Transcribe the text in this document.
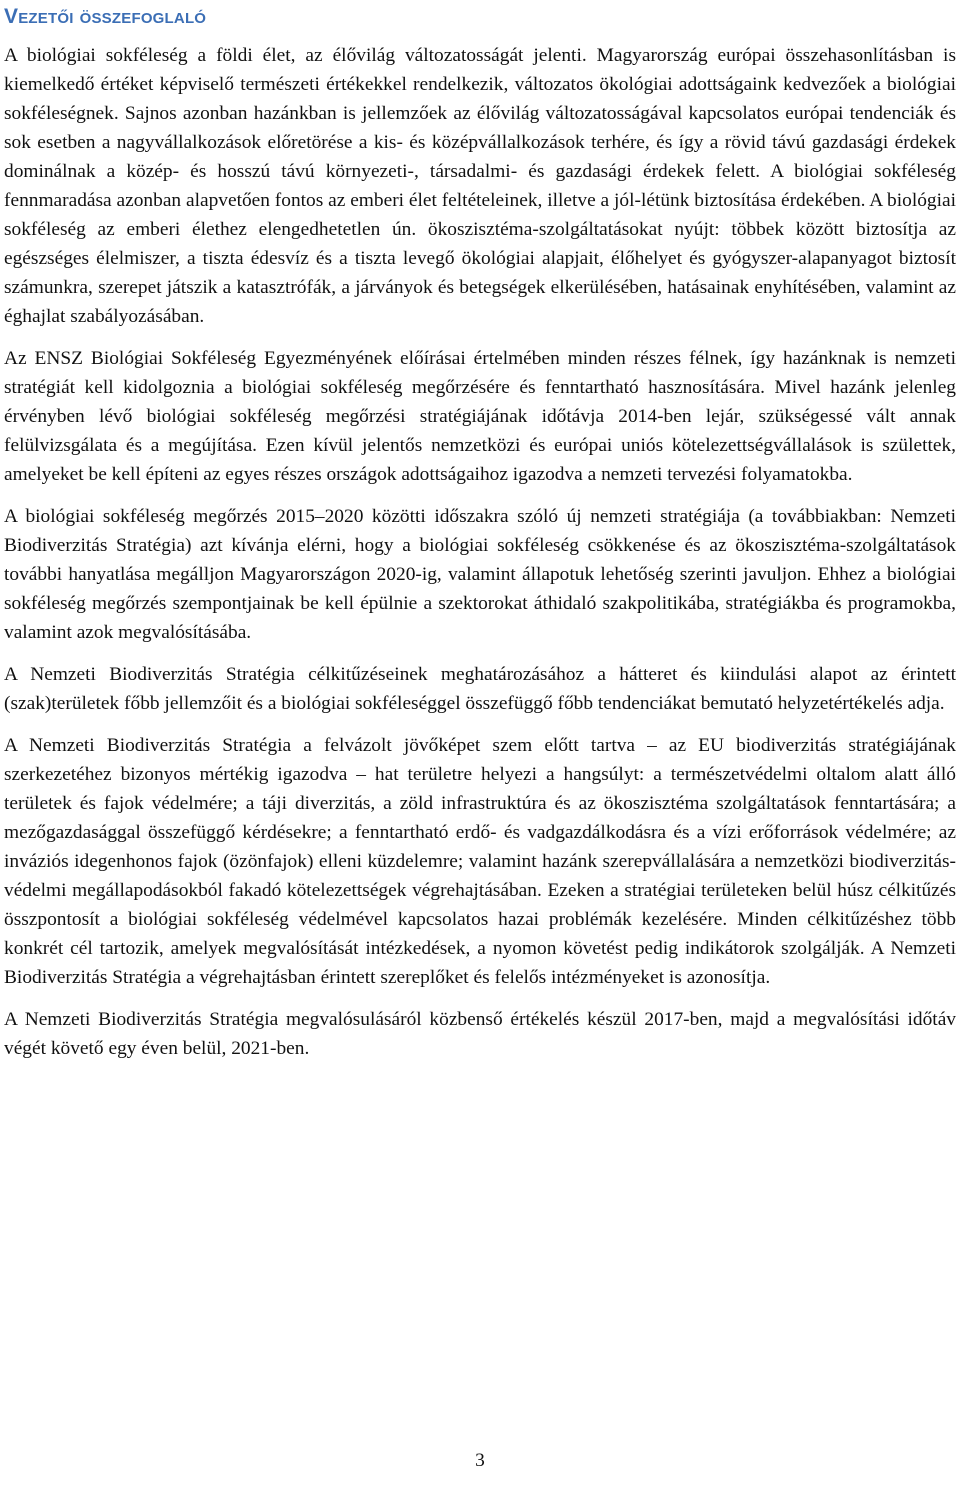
Vezetői összefoglaló

A biológiai sokféleség a földi élet, az élővilág változatosságát jelenti. Magyarország európai összehasonlításban is kiemelkedő értéket képviselő természeti értékekkel rendelkezik, változatos ökológiai adottságaink kedvezőek a biológiai sokféleségnek. Sajnos azonban hazánkban is jellemzőek az élővilág változatosságával kapcsolatos európai tendenciák és sok esetben a nagyvállalkozások előretörése a kis- és középvállalkozások terhére, és így a rövid távú gazdasági érdekek dominálnak a közép- és hosszú távú környezeti-, társadalmi- és gazdasági érdekek felett. A biológiai sokféleség fennmaradása azonban alapvetően fontos az emberi élet feltételeinek, illetve a jól-létünk biztosítása érdekében. A biológiai sokféleség az emberi élethez elengedhetetlen ún. ökoszisztéma-szolgáltatásokat nyújt: többek között biztosítja az egészséges élelmiszer, a tiszta édesvíz és a tiszta levegő ökológiai alapjait, élőhelyet és gyógyszer-alapanyagot biztosít számunkra, szerepet játszik a katasztrófák, a járványok és betegségek elkerülésében, hatásainak enyhítésében, valamint az éghajlat szabályozásában.

Az ENSZ Biológiai Sokféleség Egyezményének előírásai értelmében minden részes félnek, így hazánknak is nemzeti stratégiát kell kidolgoznia a biológiai sokféleség megőrzésére és fenntartható hasznosítására. Mivel hazánk jelenleg érvényben lévő biológiai sokféleség megőrzési stratégiájának időtávja 2014-ben lejár, szükségessé vált annak felülvizsgálata és a megújítása. Ezen kívül jelentős nemzetközi és európai uniós kötelezettségvállalások is születtek, amelyeket be kell építeni az egyes részes országok adottságaihoz igazodva a nemzeti tervezési folyamatokba.

A biológiai sokféleség megőrzés 2015‒2020 közötti időszakra szóló új nemzeti stratégiája (a továbbiakban: Nemzeti Biodiverzitás Stratégia) azt kívánja elérni, hogy a biológiai sokféleség csökkenése és az ökoszisztéma-szolgáltatások további hanyatlása megálljon Magyarországon 2020-ig, valamint állapotuk lehetőség szerinti javuljon. Ehhez a biológiai sokféleség megőrzés szempontjainak be kell épülnie a szektorokat áthidaló szakpolitikába, stratégiákba és programokba, valamint azok megvalósításába.

A Nemzeti Biodiverzitás Stratégia célkitűzéseinek meghatározásához a hátteret és kiindulási alapot az érintett (szak)területek főbb jellemzőit és a biológiai sokféleséggel összefüggő főbb tendenciákat bemutató helyzetértékelés adja.

A Nemzeti Biodiverzitás Stratégia a felvázolt jövőképet szem előtt tartva ‒ az EU biodiverzitás stratégiájának szerkezetéhez bizonyos mértékig igazodva ‒ hat területre helyezi a hangsúlyt: a természetvédelmi oltalom alatt álló területek és fajok védelmére; a táji diverzitás, a zöld infrastruktúra és az ökoszisztéma szolgáltatások fenntartására; a mezőgazdasággal összefüggő kérdésekre; a fenntartható erdő- és vadgazdálkodásra és a vízi erőforrások védelmére; az inváziós idegenhonos fajok (özönfajok) elleni küzdelemre; valamint hazánk szerepvállalására a nemzetközi biodiverzitás-védelmi megállapodásokból fakadó kötelezettségek végrehajtásában. Ezeken a stratégiai területeken belül húsz célkitűzés összpontosít a biológiai sokféleség védelmével kapcsolatos hazai problémák kezelésére. Minden célkitűzéshez több konkrét cél tartozik, amelyek megvalósítását intézkedések, a nyomon követést pedig indikátorok szolgálják. A Nemzeti Biodiverzitás Stratégia a végrehajtásban érintett szereplőket és felelős intézményeket is azonosítja.

A Nemzeti Biodiverzitás Stratégia megvalósulásáról közbenső értékelés készül 2017-ben, majd a megvalósítási időtáv végét követő egy éven belül, 2021-ben.

3
